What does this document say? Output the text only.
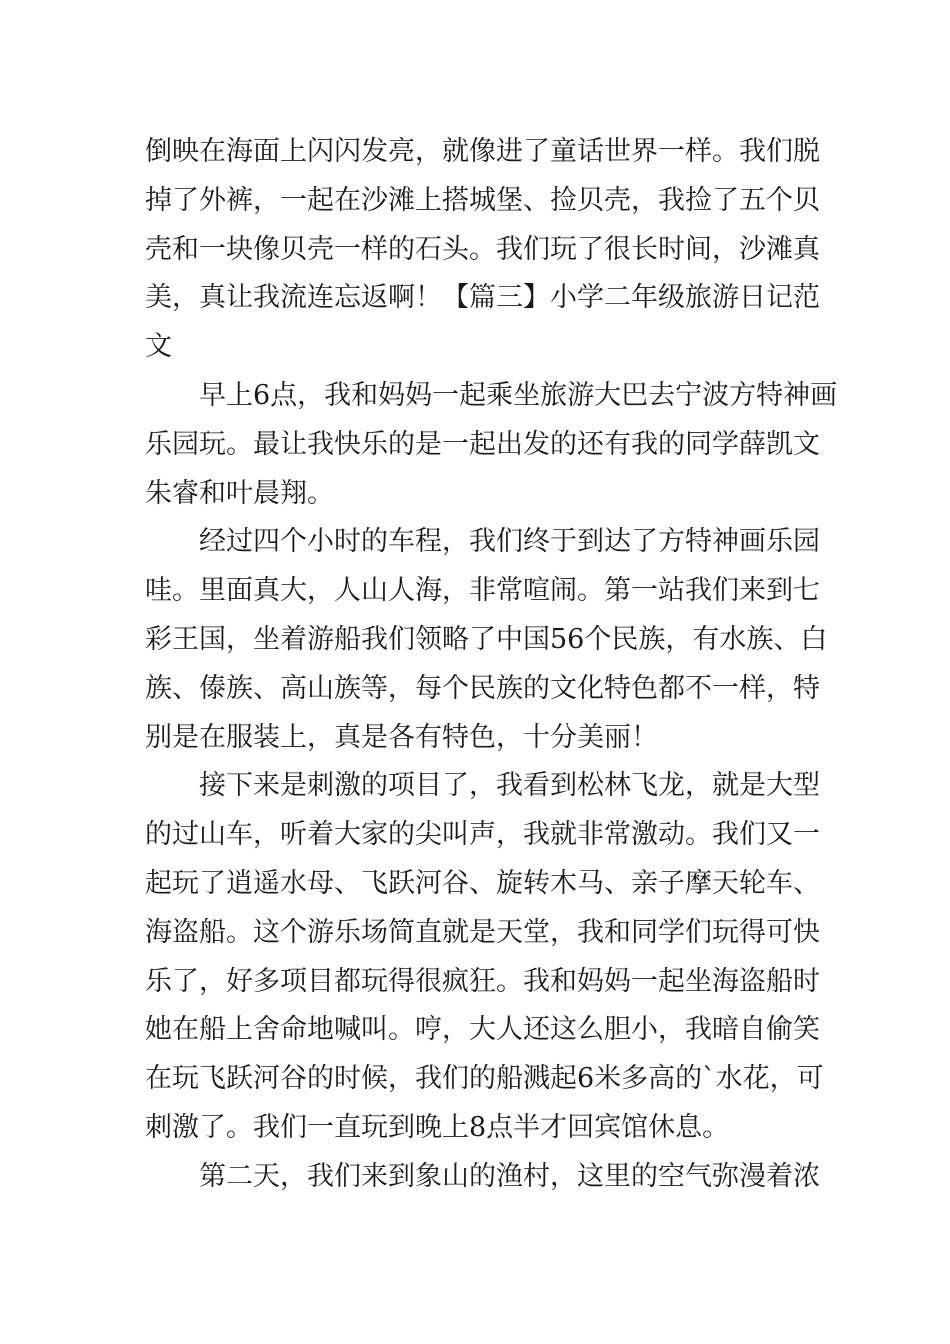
倒映在海面上闪闪发亮，就像进了童话世界一样。我们脱
掉了外裤，一起在沙滩上搭城堡、捡贝壳，我捡了五个贝
壳和一块像贝壳一样的石头。我们玩了很长时间，沙滩真
美，真让我流连忘返啊！【篇三】小学二年级旅游日记范
文
早上6点，我和妈妈一起乘坐旅游大巴去宁波方特神画
乐园玩。最让我快乐的是一起出发的还有我的同学薛凯文
朱睿和叶晨翔。
经过四个小时的车程，我们终于到达了方特神画乐园
哇。里面真大，人山人海，非常喧闹。第一站我们来到七
彩王国，坐着游船我们领略了中国56个民族，有水族、白
族、傣族、高山族等，每个民族的文化特色都不一样，特
别是在服装上，真是各有特色，十分美丽！
接下来是刺激的项目了，我看到松林飞龙，就是大型
的过山车，听着大家的尖叫声，我就非常激动。我们又一
起玩了逍遥水母、飞跃河谷、旋转木马、亲子摩天轮车、
海盗船。这个游乐场简直就是天堂，我和同学们玩得可快
乐了，好多项目都玩得很疯狂。我和妈妈一起坐海盗船时
她在船上舍命地喊叫。哼，大人还这么胆小，我暗自偷笑
在玩飞跃河谷的时候，我们的船溅起6米多高的`水花，可
刺激了。我们一直玩到晚上8点半才回宾馆休息。
第二天，我们来到象山的渔村，这里的空气弥漫着浓
